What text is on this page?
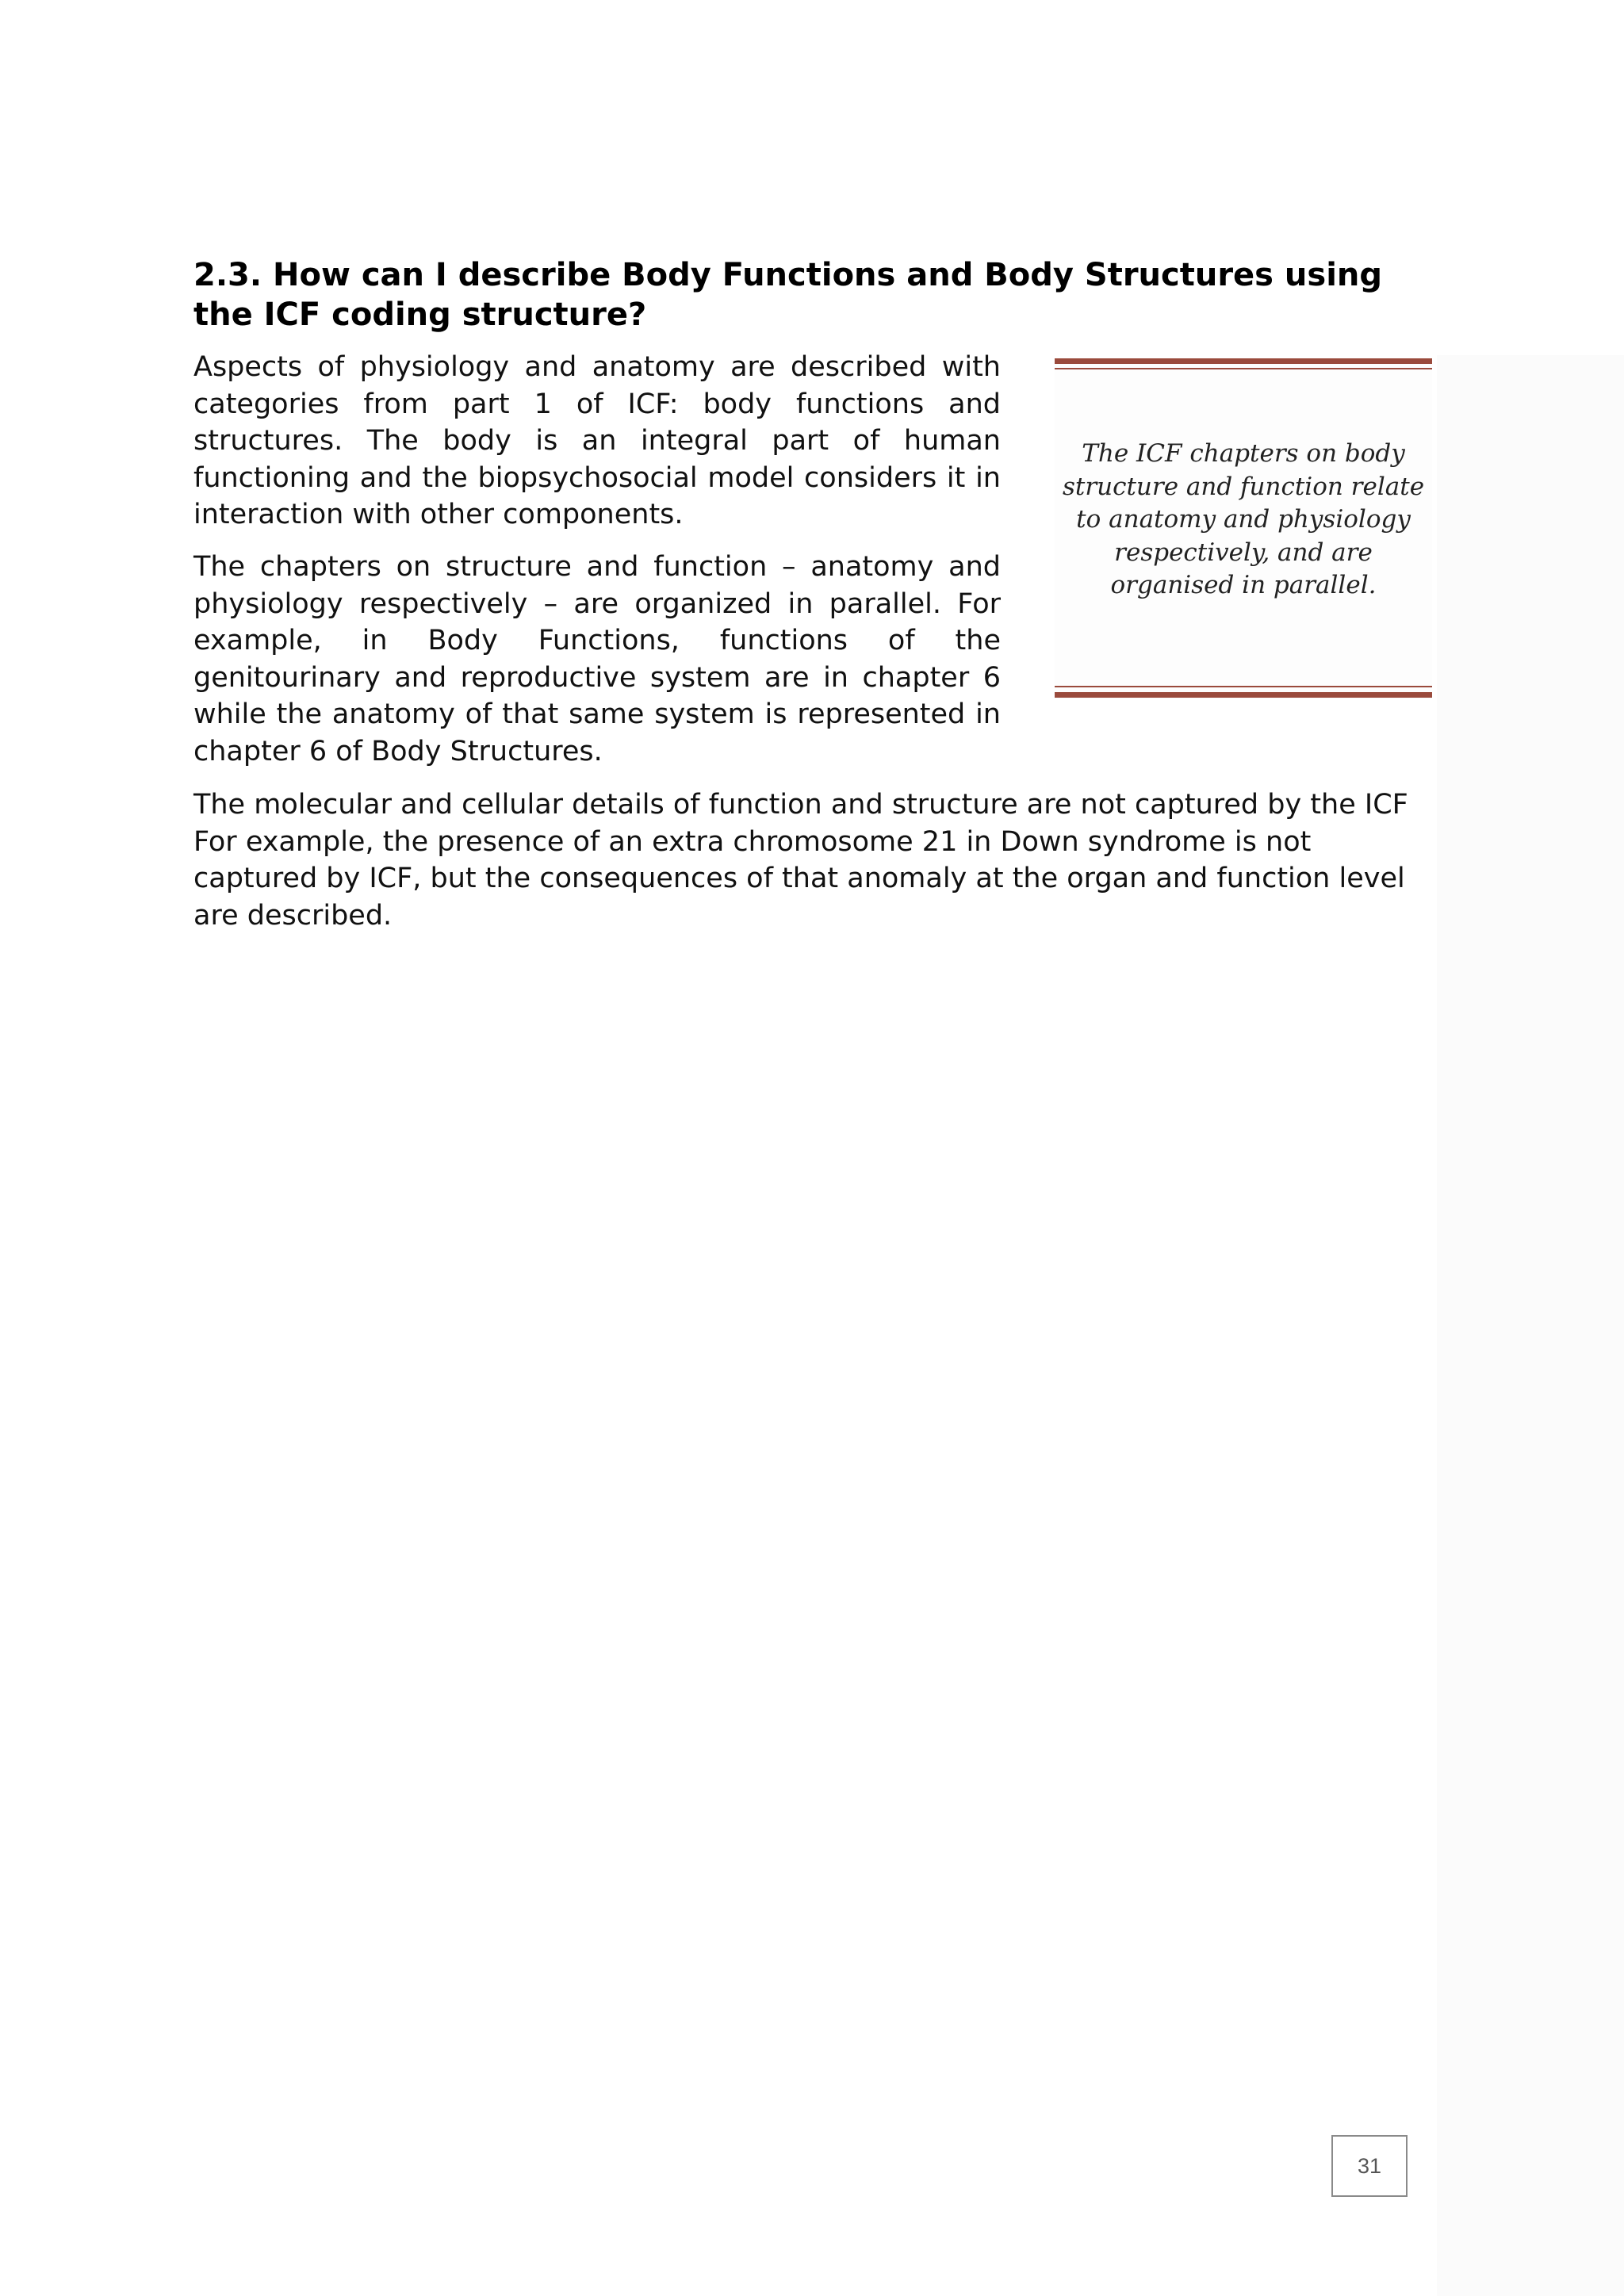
2.3. How can I describe Body Functions and Body Structures using the ICF coding structure?

Aspects of physiology and anatomy are described with categories from part 1 of ICF: body functions and structures. The body is an integral part of human functioning and the biopsychosocial model considers it in interaction with other components.

The chapters on structure and function – anatomy and physiology respectively – are organized in parallel. For example, in Body Functions, functions of the genitourinary and reproductive system are in chapter 6 while the anatomy of that same system is represented in chapter 6 of Body Structures.

The molecular and cellular details of function and structure are not captured by the ICF For example, the presence of an extra chromosome 21 in Down syndrome is not captured by ICF, but the consequences of that anomaly at the organ and function level are described.

The ICF chapters on body structure and function relate to anatomy and physiology respectively, and are organised in parallel.

31
